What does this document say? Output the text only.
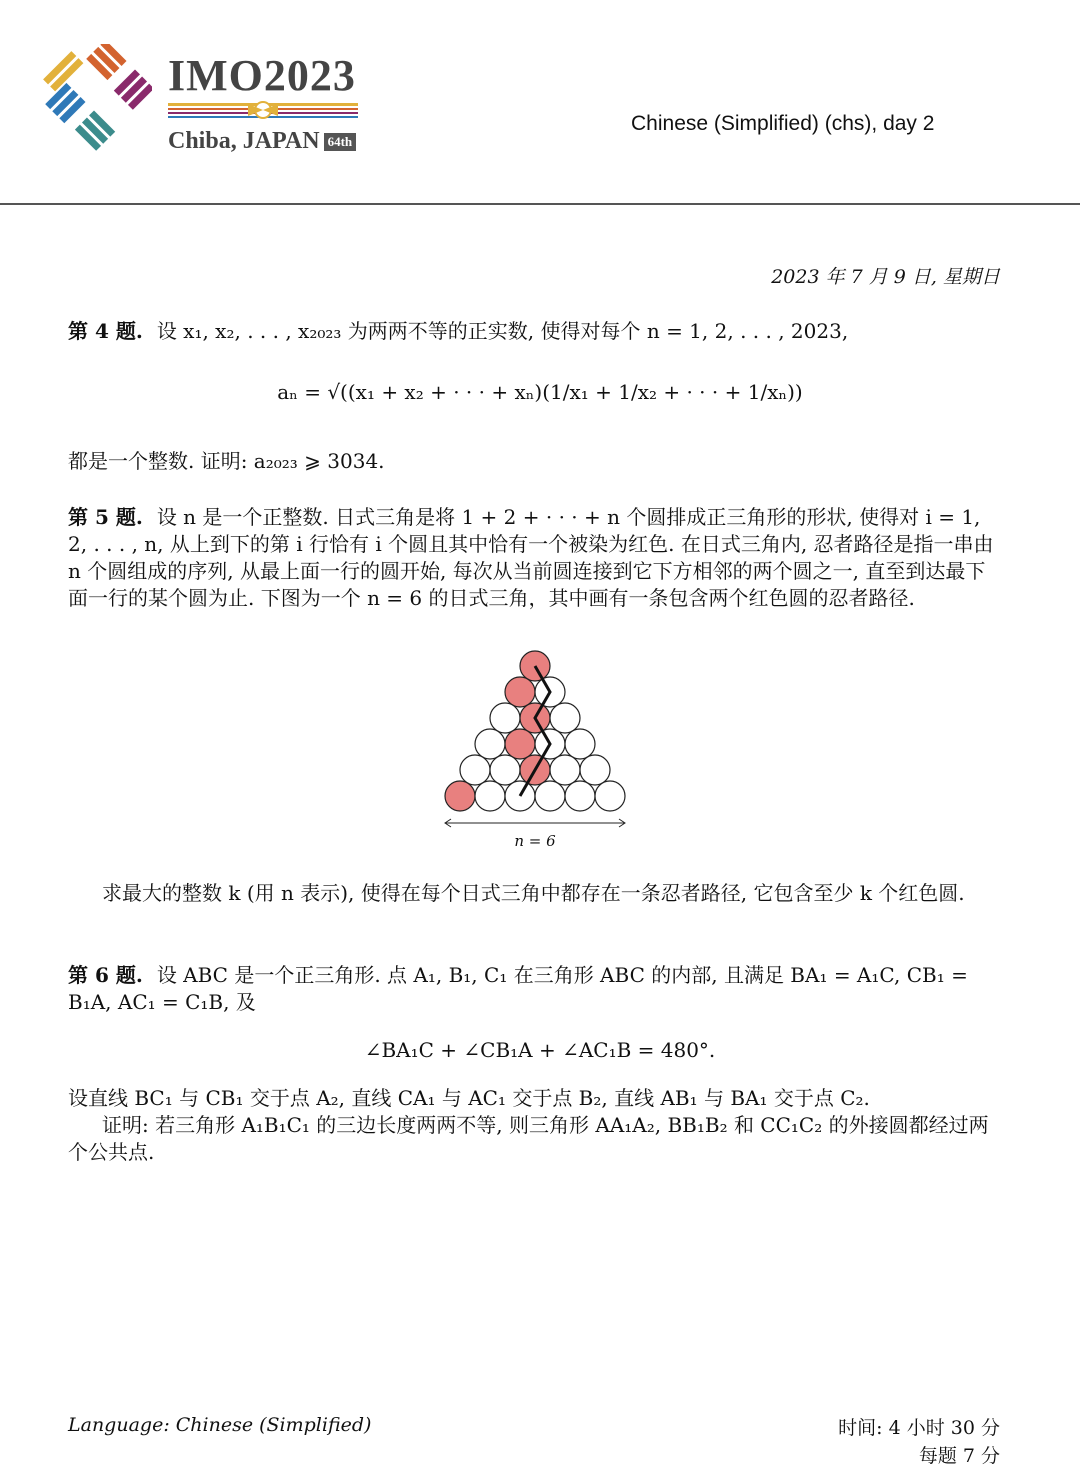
IMO2023
Chiba, JAPAN 64th
Chinese (Simplified) (chs), day 2
2023 年 7 月 9 日, 星期日
第 4 题. 设 x₁, x₂, . . . , x₂₀₂₃ 为两两不等的正实数, 使得对每个 n = 1, 2, . . . , 2023,
aₙ = √((x₁ + x₂ + · · · + xₙ)(1/x₁ + 1/x₂ + · · · + 1/xₙ))
都是一个整数. 证明: a₂₀₂₃ ⩾ 3034.
第 5 题. 设 n 是一个正整数. 日式三角是将 1 + 2 + · · · + n 个圆排成正三角形的形状, 使得对 i = 1, 2, . . . , n, 从上到下的第 i 行恰有 i 个圆且其中恰有一个被染为红色. 在日式三角内, 忍者路径是指一串由 n 个圆组成的序列, 从最上面一行的圆开始, 每次从当前圆连接到它下方相邻的两个圆之一, 直至到达最下面一行的某个圆为止. 下图为一个 n = 6 的日式三角，其中画有一条包含两个红色圆的忍者路径.
n = 6
求最大的整数 k (用 n 表示), 使得在每个日式三角中都存在一条忍者路径, 它包含至少 k 个红色圆.
第 6 题. 设 ABC 是一个正三角形. 点 A₁, B₁, C₁ 在三角形 ABC 的内部, 且满足 BA₁ = A₁C, CB₁ = B₁A, AC₁ = C₁B, 及
∠BA₁C + ∠CB₁A + ∠AC₁B = 480°.
设直线 BC₁ 与 CB₁ 交于点 A₂, 直线 CA₁ 与 AC₁ 交于点 B₂, 直线 AB₁ 与 BA₁ 交于点 C₂.
证明: 若三角形 A₁B₁C₁ 的三边长度两两不等, 则三角形 AA₁A₂, BB₁B₂ 和 CC₁C₂ 的外接圆都经过两个公共点.
Language: Chinese (Simplified)	时间: 4 小时 30 分
每题 7 分
